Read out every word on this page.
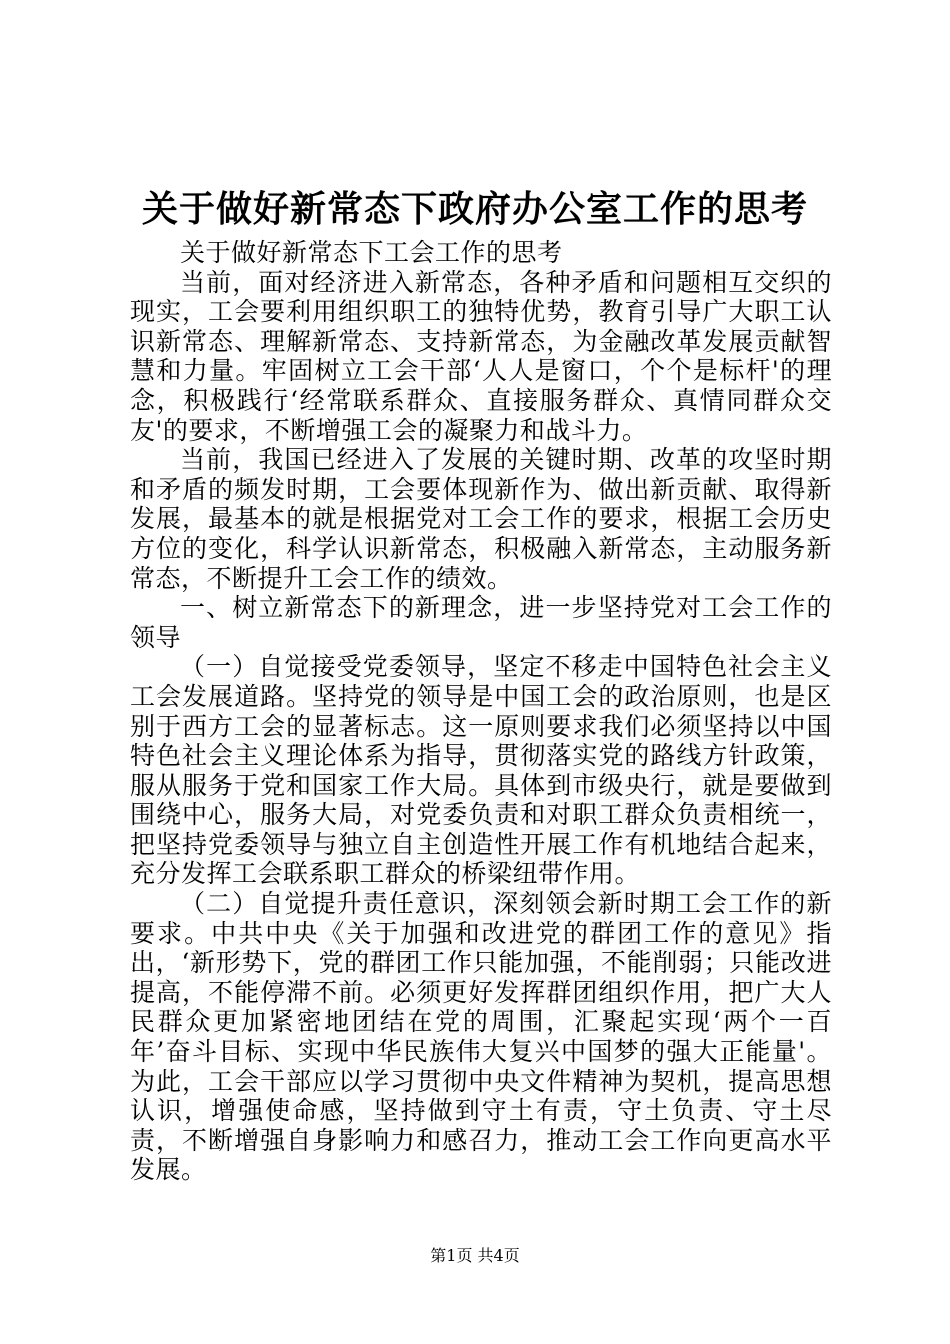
关于做好新常态下政府办公室工作的思考

关于做好新常态下工会工作的思考

当前，面对经济进入新常态，各种矛盾和问题相互交织的现实，工会要利用组织职工的独特优势，教育引导广大职工认识新常态、理解新常态、支持新常态，为金融改革发展贡献智慧和力量。牢固树立工会干部‘人人是窗口，个个是标杆'的理念，积极践行‘经常联系群众、直接服务群众、真情同群众交友'的要求，不断增强工会的凝聚力和战斗力。

当前，我国已经进入了发展的关键时期、改革的攻坚时期和矛盾的频发时期，工会要体现新作为、做出新贡献、取得新发展，最基本的就是根据党对工会工作的要求，根据工会历史方位的变化，科学认识新常态，积极融入新常态，主动服务新常态，不断提升工会工作的绩效。

一、树立新常态下的新理念，进一步坚持党对工会工作的领导

（一）自觉接受党委领导，坚定不移走中国特色社会主义工会发展道路。坚持党的领导是中国工会的政治原则，也是区别于西方工会的显著标志。这一原则要求我们必须坚持以中国特色社会主义理论体系为指导，贯彻落实党的路线方针政策，服从服务于党和国家工作大局。具体到市级央行，就是要做到围绕中心，服务大局，对党委负责和对职工群众负责相统一，把坚持党委领导与独立自主创造性开展工作有机地结合起来，充分发挥工会联系职工群众的桥梁纽带作用。

（二）自觉提升责任意识，深刻领会新时期工会工作的新要求。中共中央《关于加强和改进党的群团工作的意见》指出，‘新形势下，党的群团工作只能加强，不能削弱；只能改进提高，不能停滞不前。必须更好发挥群团组织作用，把广大人民群众更加紧密地团结在党的周围，汇聚起实现‘两个一百年’奋斗目标、实现中华民族伟大复兴中国梦的强大正能量'。为此，工会干部应以学习贯彻中央文件精神为契机，提高思想认识，增强使命感，坚持做到守土有责，守土负责、守土尽责，不断增强自身影响力和感召力，推动工会工作向更高水平发展。

第1页 共4页
